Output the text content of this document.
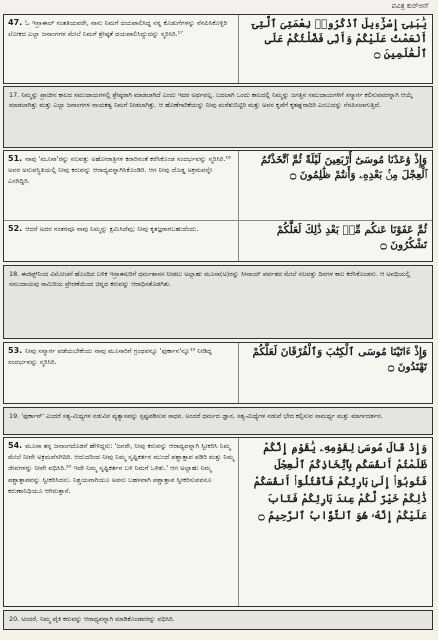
ಪವಿತ್ರ ಕುರ್‌ಆನ್
47. ಓ ಇಸ್ರಾಈಲ್ ಸಂತತಿಯವರೇ, ನಾನು ನಿಮಗೆ ದಯಪಾಲಿಸಿದ್ದ ನನ್ನ ಕೊಡುಗೆಗಳನ್ನು ನೆನಪಿಸಿಕೊಳ್ಳಿರಿ ಲೋಕದ ಎಲ್ಲಾ ಜನಾಂಗಗಳ ಮೇಲೆ ನಿಮಗೆ ಶ್ರೇಷ್ಠತೆ ದಯಪಾಲಿಸಿದ್ದುದನ್ನು ಸ್ಮರಿಸಿರಿ.¹⁷
يَٰبَنِىٓ إِسْرَٰٓءِيلَ ٱذْكُرُوا۟ نِعْمَتِىَ ٱلَّتِىٓ أَنْعَمْتُ عَلَيْكُمْ وَأَنِّى فَضَّلْتُكُمْ عَلَى ٱلْعَٰلَمِينَ ۝
17. ನಿಮ್ಮನ್ನು ಪ್ರಾಚೀನ ಕಾಲದ ಸಮುದಾಯಗಳಲ್ಲಿ ಶ್ರೇಷ್ಠರಾಗಿ ಮಾಡಲಾಗಿದೆ ಎಂದು ಇದರ ಅರ್ಥವಲ್ಲ. ಬದಲಾಗಿ ಒಂದು ಕಾಲದಲ್ಲಿ ನಿಮ್ಮನ್ನು ಜಗತ್ತಿನ ಸಮುದಾಯಗಳಿಗೆ ಸನ್ಮಾರ್ಗ ಕಲಿಸುವವರನ್ನಾಗಿ ಆಯ್ಕೆ ಮಾಡಲಾಗಿತ್ತು ಮತ್ತು ಎಲ್ಲಾ ಜನಾಂಗಗಳ ನಾಯಕತ್ವ ನಿಮಗೆ ನೀಡಲಾಗಿತ್ತು. ಆ ಹೊಣೆಗಾರಿಕೆಯನ್ನು ನೀವು ಮರೆತುಬಿಟ್ಟಿರಿ ಮತ್ತು ಅವನ ಕೃಪೆಗೆ ಕೃತಘ್ನರಾದಿರಿ ಎಂಬುದನ್ನು ನೆನಪಿಸಲಾಗುತ್ತಿದೆ.
51. ನಾವು 'ಮೂಸಾ'ರನ್ನು ನಲವತ್ತು ಅಹೋರಾತ್ರಿಗಳ ಕರಾರಿನಂತೆ ಕರೆಸಿಕೊಂಡ ಸಂದರ್ಭವನ್ನು ಸ್ಮರಿಸಿರಿ.¹⁸ ಅವರ ಅನುಪಸ್ಥಿತಿಯಲ್ಲಿ ನೀವು ಕರುವನ್ನು ಆರಾಧ್ಯವನ್ನಾಗಿಸಿಕೊಂಡಿರಿ. ಆಗ ನೀವು ದೊಡ್ಡ ಅಕ್ರಮವನ್ನೇ ಎಸಗಿದ್ದಿರಿ.
وَإِذْ وَٰعَدْنَا مُوسَىٰٓ أَرْبَعِينَ لَيْلَةً ثُمَّ ٱتَّخَذْتُمُ ٱلْعِجْلَ مِنۢ بَعْدِهِۦ وَأَنتُمْ ظَٰلِمُونَ ۝
52. ಆದರೆ ಅದರ ನಂತರವೂ ನಾವು ನಿಮ್ಮನ್ನು ಕ್ಷಮಿಸಿದೆವು; ನೀವು ಕೃತಜ್ಞರಾಗಬಹುದೆಂದು.	ثُمَّ عَفَوْنَا عَنكُم مِّنۢ بَعْدِ ذَٰلِكَ لَعَلَّكُمْ تَشْكُرُونَ ۝
18. ಈಜಿಪ್ಟ್‌ನಿಂದ ವಿಮೋಚನೆ ಹೊಂದಿದ ಬಳಿಕ ಇಸ್ರಾಈಲರಿಗೆ ಧರ್ಮಶಾಸನ ನೀಡಲು ಅಲ್ಲಾಹು ಮೂಸಾ(ಅ)ರನ್ನು ಸೀನಾಯ್ ಪರ್ವತದ ಮೇಲೆ ನಲವತ್ತು ದಿನಗಳ ಕಾಲ ಕರೆಸಿಕೊಂಡನು. ಆ ಅವಧಿಯಲ್ಲಿ ಸಮುದಾಯವು ಸಾಮಿರಿಯ ಪ್ರೇರಣೆಯಿಂದ ಚಿನ್ನದ ಕರುವನ್ನು ಆರಾಧಿಸತೊಡಗಿತು.
53. ನೀವು ಸನ್ಮಾರ್ಗ ಪಡೆಯಬೇಕೆಂದು ನಾವು ಮೂಸಾರಿಗೆ ಗ್ರಂಥವನ್ನೂ 'ಫುರ್ಕಾನ'ನ್ನೂ¹⁹ ನೀಡಿದ್ದ ಸಂದರ್ಭವನ್ನು ಸ್ಮರಿಸಿರಿ.
وَإِذْ ءَاتَيْنَا مُوسَى ٱلْكِتَٰبَ وَٱلْفُرْقَانَ لَعَلَّكُمْ تَهْتَدُونَ ۝
19. 'ಫುರ್ಕಾನ್' ಎಂದರೆ ಸತ್ಯ-ಮಿಥ್ಯಗಳ ನಡುವಿನ ವ್ಯತ್ಯಾಸವನ್ನು ಸ್ಪಷ್ಟಪಡಿಸುವ ಸಾಧನ. ಅಂದರೆ ಧರ್ಮದ ಜ್ಞಾನ, ಸತ್ಯ-ಮಿಥ್ಯೆಗಳ ನಡುವೆ ಭೇದ ಕಲ್ಪಿಸುವ ಸಾಮರ್ಥ್ಯ ಮತ್ತು ಮಾರ್ಗದರ್ಶನ.
54. ಮೂಸಾ ತನ್ನ ಜನಾಂಗದೊಡನೆ ಹೇಳಿದ್ದರು: 'ಜನರೇ, ನೀವು ಕರುವನ್ನು ಆರಾಧ್ಯವನ್ನಾಗಿ ಸ್ವೀಕರಿಸಿ ನಿಮ್ಮ ಮೇಲೆ ನೀವೇ ಅಕ್ರಮವೆಸಗಿದಿರಿ. ಆದುದರಿಂದ ನೀವು ನಿಮ್ಮ ಸೃಷ್ಟಿಕರ್ತನ ಮುಂದೆ ಪಶ್ಚಾತ್ತಾಪ ಪಡಿರಿ ಮತ್ತು ನಿಮ್ಮ ಜೀವಗಳನ್ನು ನೀವೇ ವಧಿಸಿರಿ.²⁰ ಇದೇ ನಿಮ್ಮ ಸೃಷ್ಟಿಕರ್ತನ ಬಳಿ ನಿಮಗೆ ಒಳಿತು.' ಆಗ ಅಲ್ಲಾಹು ನಿಮ್ಮ ಪಶ್ಚಾತ್ತಾಪವನ್ನು ಸ್ವೀಕರಿಸಿದನು. ನಿಶ್ಚಯವಾಗಿಯೂ ಅವನು ಬಹಳವಾಗಿ ಪಶ್ಚಾತ್ತಾಪ ಸ್ವೀಕರಿಸುವವನೂ ಕರುಣಾನಿಧಿಯೂ ಆಗಿರುತ್ತಾನೆ.
وَإِذْ قَالَ مُوسَىٰ لِقَوْمِهِۦ يَٰقَوْمِ إِنَّكُمْ ظَلَمْتُمْ أَنفُسَكُم بِٱتِّخَاذِكُمُ ٱلْعِجْلَ فَتُوبُوٓا۟ إِلَىٰ بَارِئِكُمْ فَٱقْتُلُوٓا۟ أَنفُسَكُمْ ذَٰلِكُمْ خَيْرٌ لَّكُمْ عِندَ بَارِئِكُمْ فَتَابَ عَلَيْكُمْ إِنَّهُۥ هُوَ ٱلتَّوَّابُ ٱلرَّحِيمُ ۝
20. ಅಂದರೆ, ನಿಮ್ಮ ಪೈಕಿ ಕರುವನ್ನು ಆರಾಧ್ಯವನ್ನಾಗಿ ಮಾಡಿಕೊಂಡವರನ್ನು ವಧಿಸಿರಿ.
